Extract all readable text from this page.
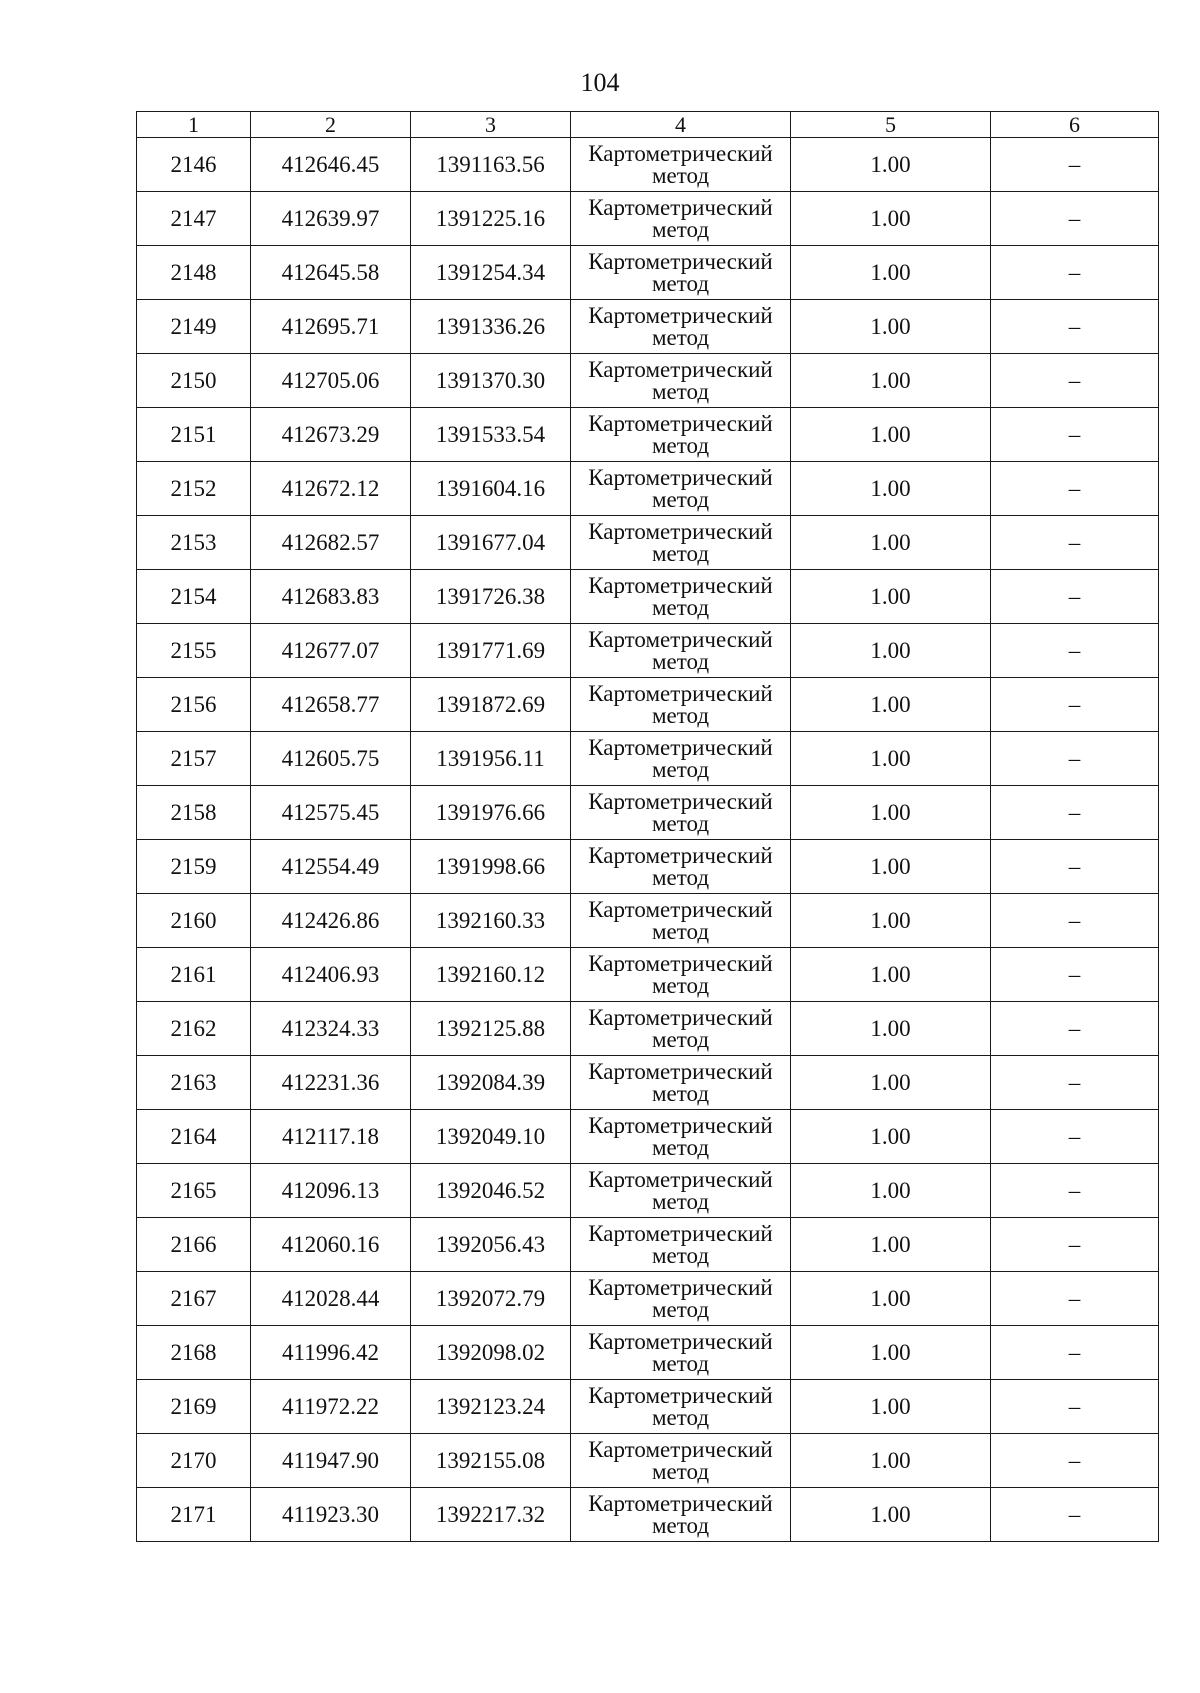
104
1	2	3	4	5	6
2146	412646.45	1391163.56	Картометрический
метод	1.00	–
2147	412639.97	1391225.16	Картометрический
метод	1.00	–
2148	412645.58	1391254.34	Картометрический
метод	1.00	–
2149	412695.71	1391336.26	Картометрический
метод	1.00	–
2150	412705.06	1391370.30	Картометрический
метод	1.00	–
2151	412673.29	1391533.54	Картометрический
метод	1.00	–
2152	412672.12	1391604.16	Картометрический
метод	1.00	–
2153	412682.57	1391677.04	Картометрический
метод	1.00	–
2154	412683.83	1391726.38	Картометрический
метод	1.00	–
2155	412677.07	1391771.69	Картометрический
метод	1.00	–
2156	412658.77	1391872.69	Картометрический
метод	1.00	–
2157	412605.75	1391956.11	Картометрический
метод	1.00	–
2158	412575.45	1391976.66	Картометрический
метод	1.00	–
2159	412554.49	1391998.66	Картометрический
метод	1.00	–
2160	412426.86	1392160.33	Картометрический
метод	1.00	–
2161	412406.93	1392160.12	Картометрический
метод	1.00	–
2162	412324.33	1392125.88	Картометрический
метод	1.00	–
2163	412231.36	1392084.39	Картометрический
метод	1.00	–
2164	412117.18	1392049.10	Картометрический
метод	1.00	–
2165	412096.13	1392046.52	Картометрический
метод	1.00	–
2166	412060.16	1392056.43	Картометрический
метод	1.00	–
2167	412028.44	1392072.79	Картометрический
метод	1.00	–
2168	411996.42	1392098.02	Картометрический
метод	1.00	–
2169	411972.22	1392123.24	Картометрический
метод	1.00	–
2170	411947.90	1392155.08	Картометрический
метод	1.00	–
2171	411923.30	1392217.32	Картометрический
метод	1.00	–
